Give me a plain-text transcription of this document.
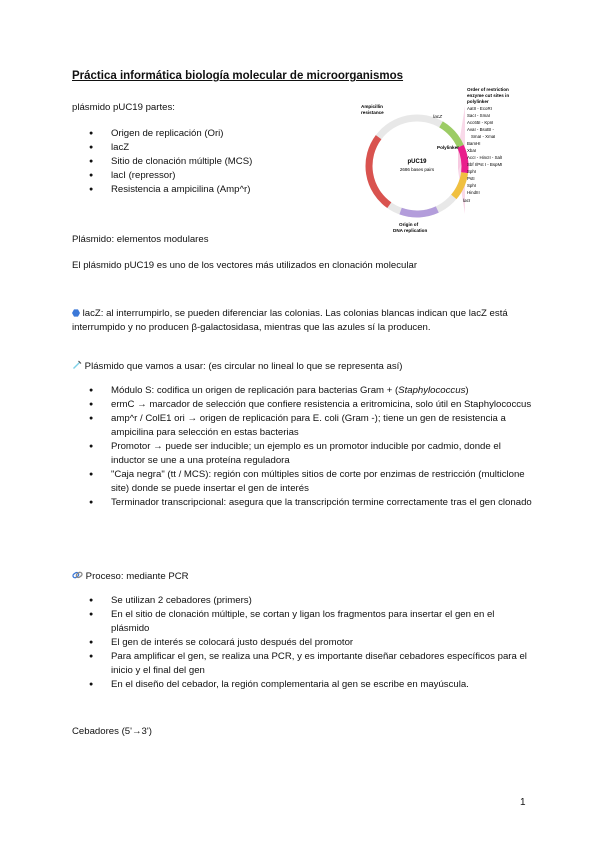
Práctica informática biología molecular de microorganismos
plásmido pUC19 partes:
● Origen de replicación (Ori)
● lacZ
● Sitio de clonación múltiple (MCS)
● lacI (repressor)
● Resistencia a ampicilina (Amp^r)
pUC19
2686 bases pairs
Ampicillin
resistance
lacZ
Polylinker
lacI
Origin of
DNA replication
Order of restriction
enzyme cut sites in
polylinker
AatII - EcoRI
SacI - SmaI
Acc65I - KpnI
AvaI - BsoBI -
SmaI - XmaI
BamHI
XbaI
AccI - HincII - SalI
Sbf I/Pst I - BspMI
SphI
PstI
SphI
HindIII
Plásmido: elementos modulares
El plásmido pUC19 es uno de los vectores más utilizados en clonación molecular
lacZ: al interrumpirlo, se pueden diferenciar las colonias. Las colonias blancas indican que lacZ está interrumpido y no producen β-galactosidasa, mientras que las azules sí la producen.
Plásmido que vamos a usar: (es circular no lineal lo que se representa así)
● Módulo S: codifica un origen de replicación para bacterias Gram + (Staphylococcus)
● ermC → marcador de selección que confiere resistencia a eritromicina, solo útil en Staphylococcus
● amp^r / ColE1 ori → origen de replicación para E. coli (Gram -); tiene un gen de resistencia a ampicilina para selección en estas bacterias
● Promotor → puede ser inducible; un ejemplo es un promotor inducible por cadmio, donde el inductor se une a una proteína reguladora
● "Caja negra" (tt / MCS): región con múltiples sitios de corte por enzimas de restricción (multiclone site) donde se puede insertar el gen de interés
● Terminador transcripcional: asegura que la transcripción termine correctamente tras el gen clonado
Proceso: mediante PCR
● Se utilizan 2 cebadores (primers)
● En el sitio de clonación múltiple, se cortan y ligan los fragmentos para insertar el gen en el plásmido
● El gen de interés se colocará justo después del promotor
● Para amplificar el gen, se realiza una PCR, y es importante diseñar cebadores específicos para el inicio y el final del gen
● En el diseño del cebador, la región complementaria al gen se escribe en mayúscula.
Cebadores (5'→3')
1
